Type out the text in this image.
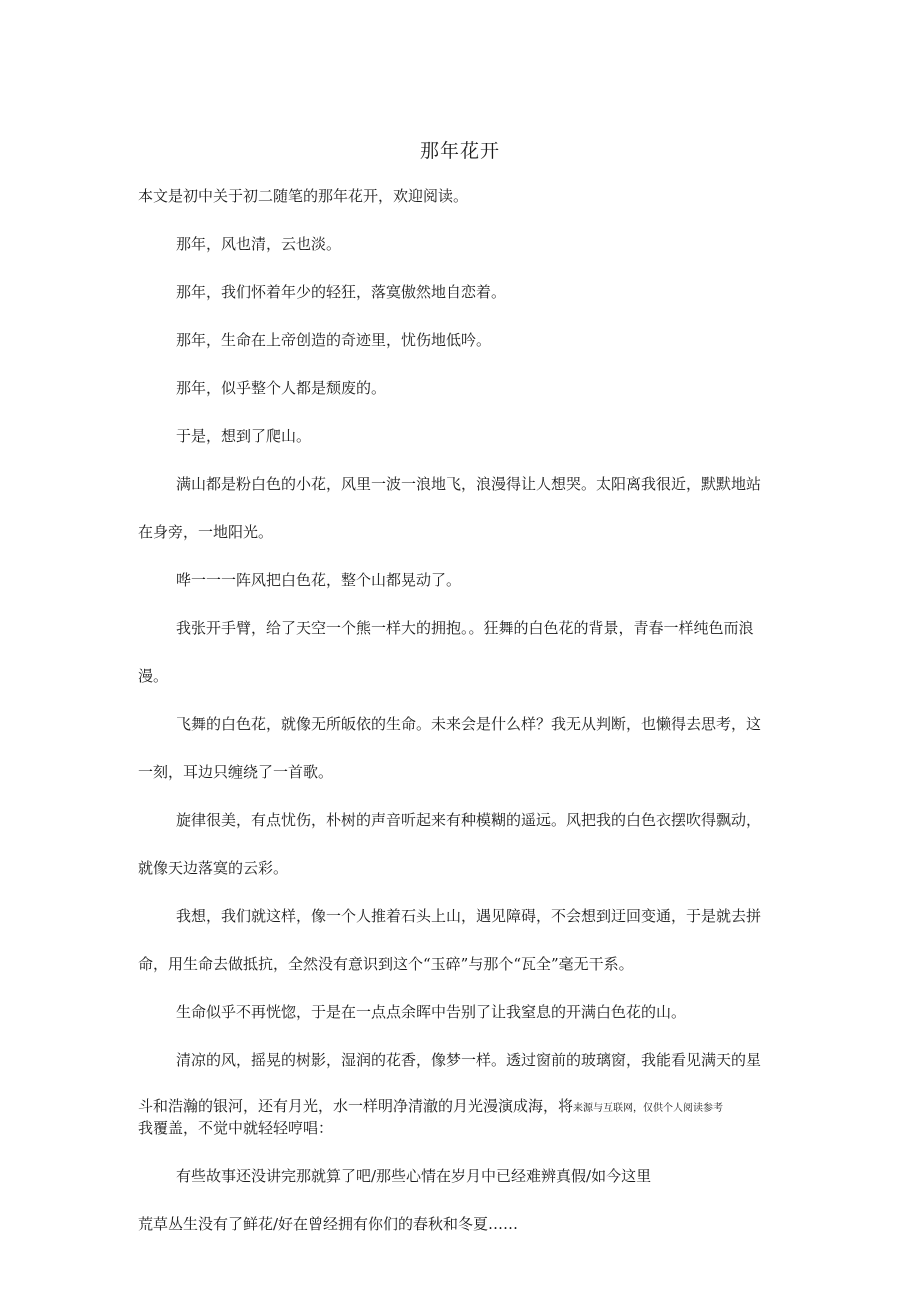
那年花开
本文是初中关于初二随笔的那年花开，欢迎阅读。
那年，风也清，云也淡。
那年，我们怀着年少的轻狂，落寞傲然地自恋着。
那年，生命在上帝创造的奇迹里，忧伤地低吟。
那年，似乎整个人都是颓废的。
于是，想到了爬山。
满山都是粉白色的小花，风里一波一浪地飞，浪漫得让人想哭。太阳离我很近，默默地站
在身旁，一地阳光。
哗一一一阵风把白色花，整个山都晃动了。
我张开手臂，给了天空一个熊一样大的拥抱。。狂舞的白色花的背景，青春一样纯色而浪
漫。
飞舞的白色花，就像无所皈依的生命。未来会是什么样？我无从判断，也懒得去思考，这
一刻，耳边只缠绕了一首歌。
旋律很美，有点忧伤，朴树的声音听起来有种模糊的遥远。风把我的白色衣摆吹得飘动，
就像天边落寞的云彩。
我想，我们就这样，像一个人推着石头上山，遇见障碍，不会想到迂回变通，于是就去拼
命，用生命去做抵抗，全然没有意识到这个“玉碎”与那个“瓦全”毫无干系。
生命似乎不再恍惚，于是在一点点余晖中告别了让我窒息的开满白色花的山。
清凉的风，摇晃的树影，湿润的花香，像梦一样。透过窗前的玻璃窗，我能看见满天的星
斗和浩瀚的银河，还有月光，水一样明净清澈的月光漫演成海，将来源与互联网，仅供个人阅读参考
我覆盖，不觉中就轻轻哼唱：
有些故事还没讲完那就算了吧/那些心情在岁月中已经难辨真假/如今这里
荒草丛生没有了鲜花/好在曾经拥有你们的春秋和冬夏……
